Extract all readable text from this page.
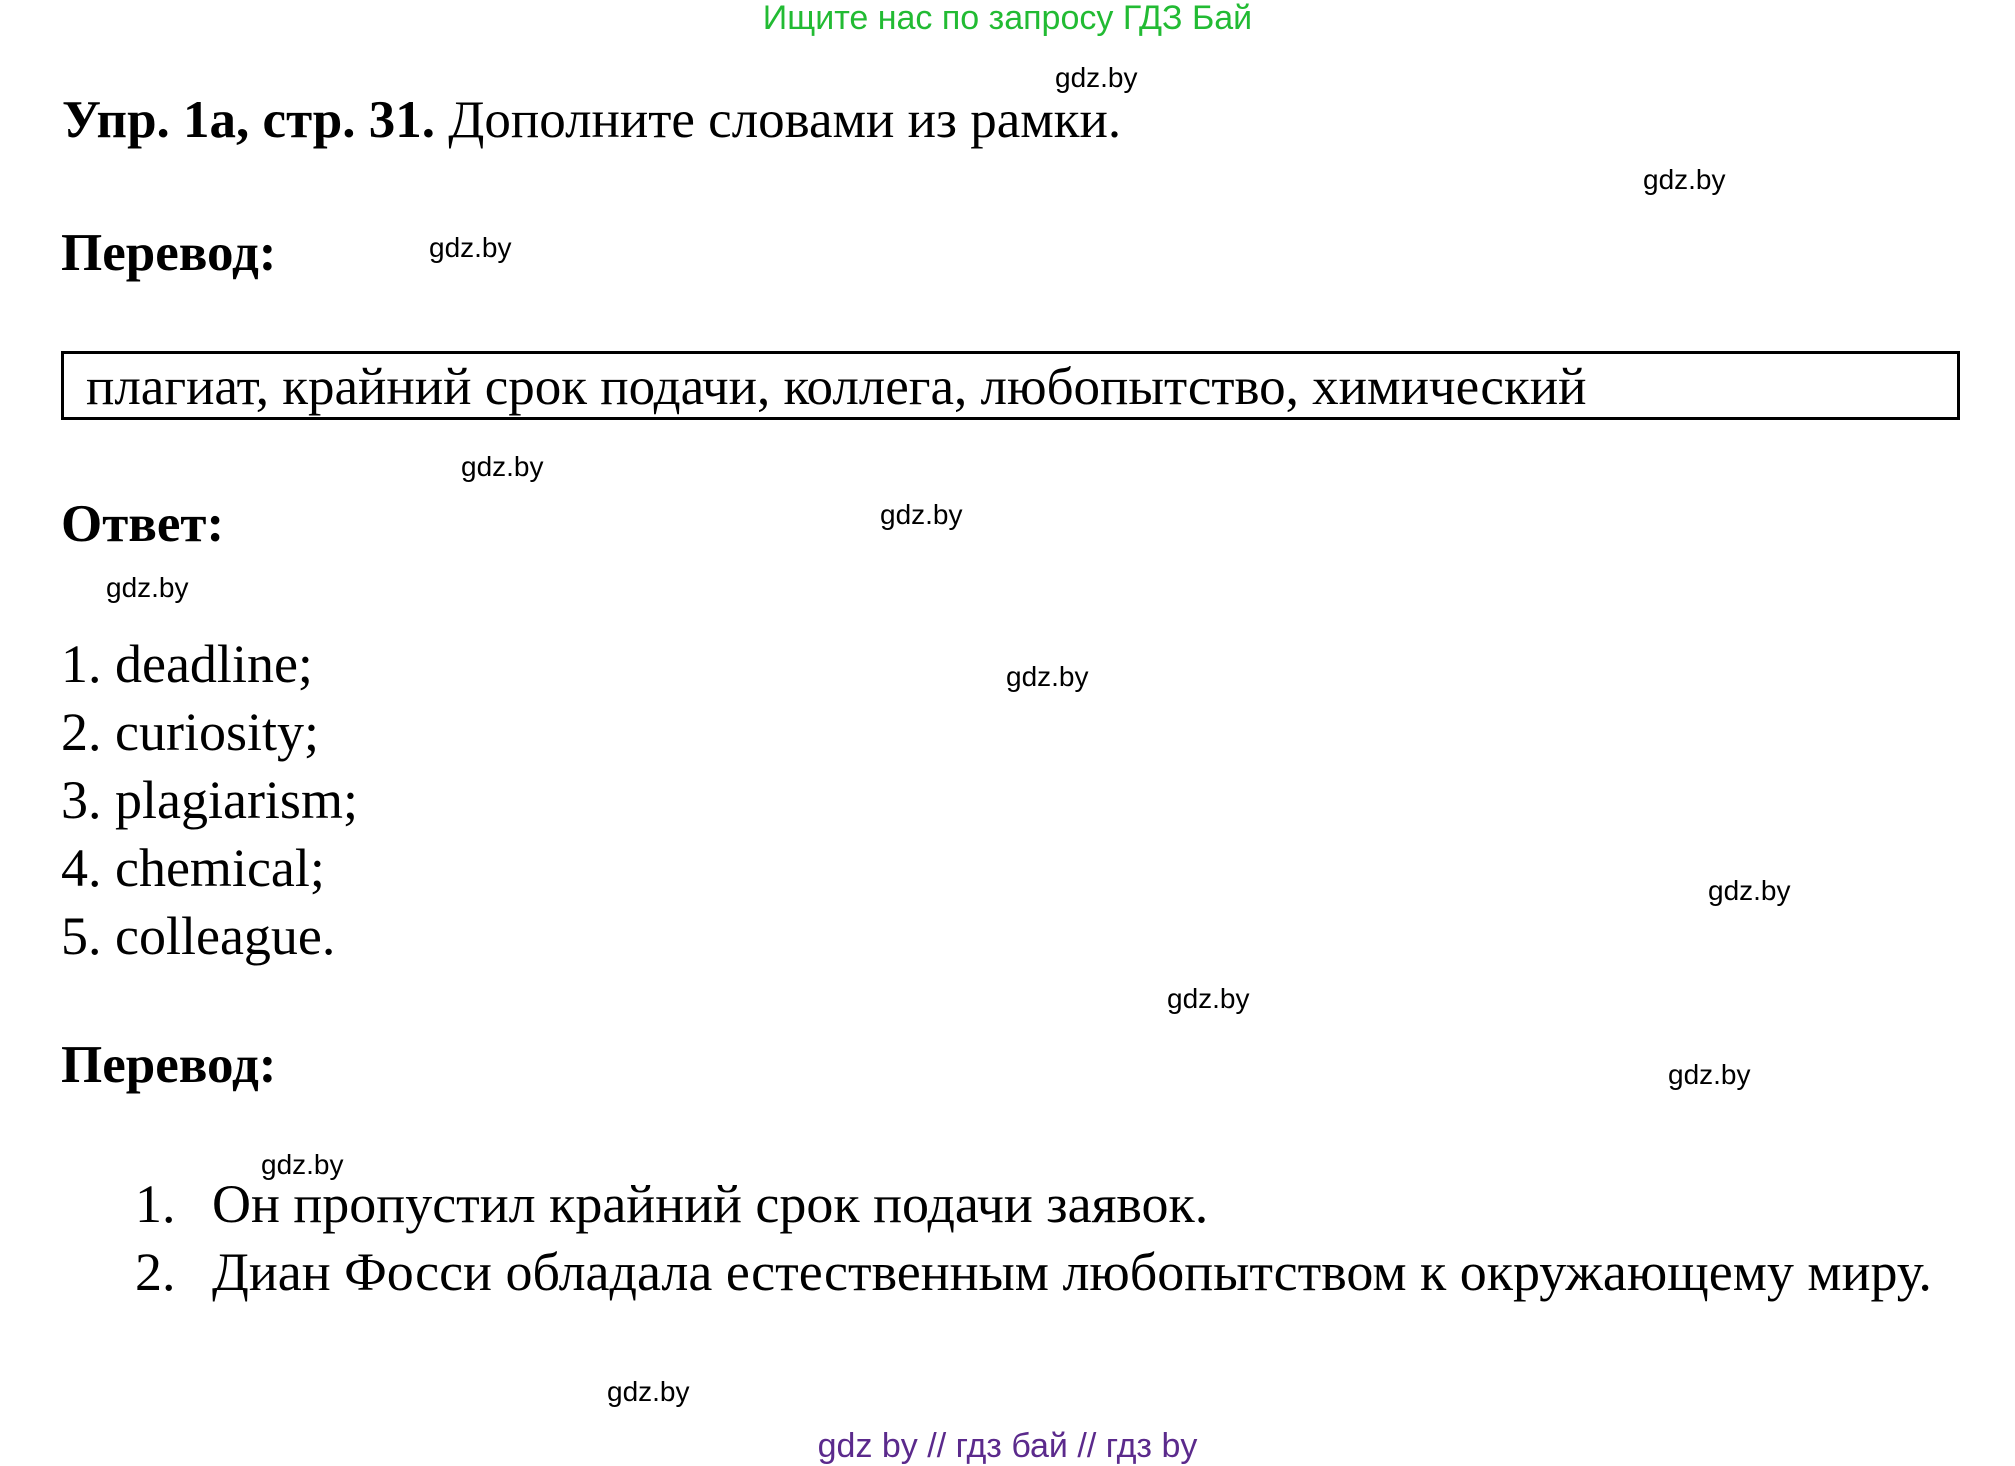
Ищите нас по запросу ГДЗ Бай
Упр. 1а, стр. 31. Дополните словами из рамки.
Перевод:
плагиат, крайний срок подачи, коллега, любопытство, химический
Ответ:
1. deadline;
2. curiosity;
3. plagiarism;
4. chemical;
5. colleague.
Перевод:
1. Он пропустил крайний срок подачи заявок.
2. Диан Фосси обладала естественным любопытством к окружающему миру.
gdz.by
gdz.by
gdz.by
gdz.by
gdz.by
gdz.by
gdz.by
gdz.by
gdz.by
gdz.by
gdz.by
gdz.by
gdz by // гдз бай // гдз by
